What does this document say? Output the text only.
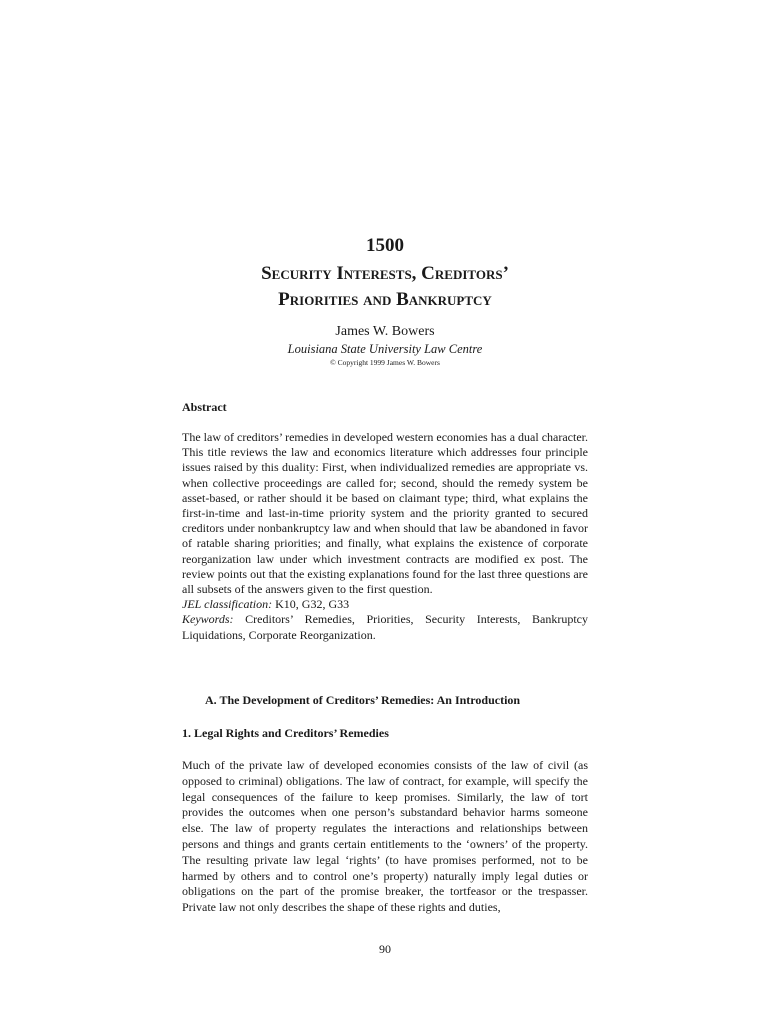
1500
Security Interests, Creditors’
Priorities and Bankruptcy
James W. Bowers
Louisiana State University Law Centre
© Copyright 1999 James W. Bowers
Abstract
The law of creditors’ remedies in developed western economies has a dual character. This title reviews the law and economics literature which addresses four principle issues raised by this duality: First, when individualized remedies are appropriate vs. when collective proceedings are called for; second, should the remedy system be asset-based, or rather should it be based on claimant type; third, what explains the first-in-time and last-in-time priority system and the priority granted to secured creditors under nonbankruptcy law and when should that law be abandoned in favor of ratable sharing priorities; and finally, what explains the existence of corporate reorganization law under which investment contracts are modified ex post. The review points out that the existing explanations found for the last three questions are all subsets of the answers given to the first question.
JEL classification: K10, G32, G33
Keywords: Creditors’ Remedies, Priorities, Security Interests, Bankruptcy Liquidations, Corporate Reorganization.
A. The Development of Creditors’ Remedies: An Introduction
1. Legal Rights and Creditors’ Remedies
Much of the private law of developed economies consists of the law of civil (as opposed to criminal) obligations. The law of contract, for example, will specify the legal consequences of the failure to keep promises. Similarly, the law of tort provides the outcomes when one person’s substandard behavior harms someone else. The law of property regulates the interactions and relationships between persons and things and grants certain entitlements to the ‘owners’ of the property. The resulting private law legal ‘rights’ (to have promises performed, not to be harmed by others and to control one’s property) naturally imply legal duties or obligations on the part of the promise breaker, the tortfeasor or the trespasser. Private law not only describes the shape of these rights and duties,
90
